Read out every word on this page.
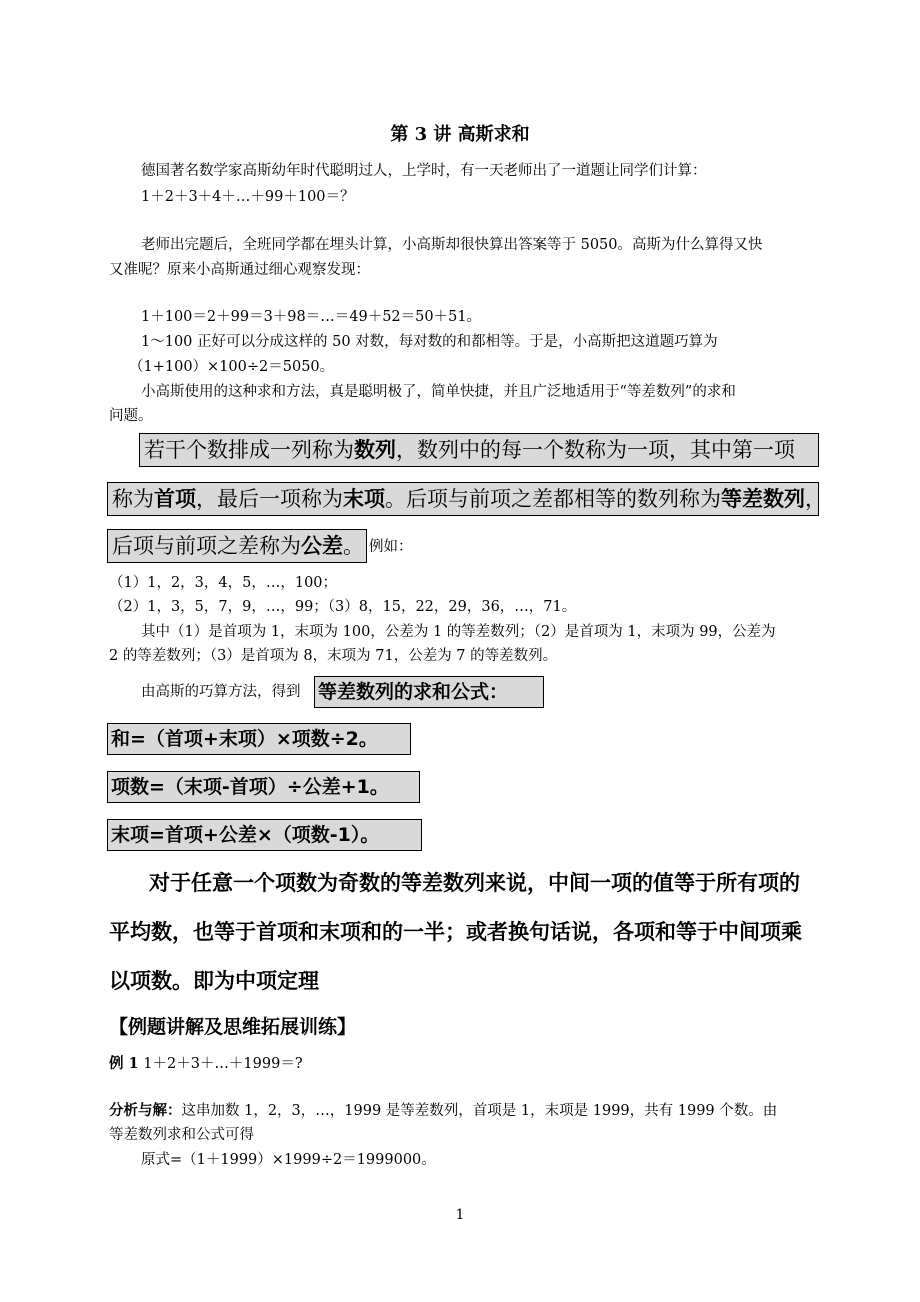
第 3 讲 高斯求和
德国著名数学家高斯幼年时代聪明过人，上学时，有一天老师出了一道题让同学们计算：
1＋2＋3＋4＋…＋99＋100＝？
老师出完题后，全班同学都在埋头计算，小高斯却很快算出答案等于 5050。高斯为什么算得又快
又准呢？原来小高斯通过细心观察发现：
1＋100＝2＋99＝3＋98＝…＝49＋52＝50＋51。
1～100 正好可以分成这样的 50 对数，每对数的和都相等。于是，小高斯把这道题巧算为
（1+100）×100÷2＝5050。
小高斯使用的这种求和方法，真是聪明极了，简单快捷，并且广泛地适用于“等差数列”的求和
问题。
若干个数排成一列称为数列，数列中的每一个数称为一项，其中第一项
称为首项，最后一项称为末项。后项与前项之差都相等的数列称为等差数列，
后项与前项之差称为公差。 例如：
（1）1，2，3，4，5，…，100；
（2）1，3，5，7，9，…，99；（3）8，15，22，29，36，…，71。
其中（1）是首项为 1，末项为 100，公差为 1 的等差数列；（2）是首项为 1，末项为 99，公差为
2 的等差数列；（3）是首项为 8，末项为 71，公差为 7 的等差数列。
由高斯的巧算方法，得到 等差数列的求和公式：
和=（首项+末项）×项数÷2。
项数=（末项-首项）÷公差+1。
末项=首项+公差×（项数-1）。
对于任意一个项数为奇数的等差数列来说，中间一项的值等于所有项的
平均数，也等于首项和末项和的一半；或者换句话说，各项和等于中间项乘
以项数。即为中项定理
【例题讲解及思维拓展训练】
例 1 1＋2＋3＋…＋1999＝?
分析与解：这串加数 1，2，3，…，1999 是等差数列，首项是 1，末项是 1999，共有 1999 个数。由
等差数列求和公式可得
原式=（1＋1999）×1999÷2＝1999000。
1
